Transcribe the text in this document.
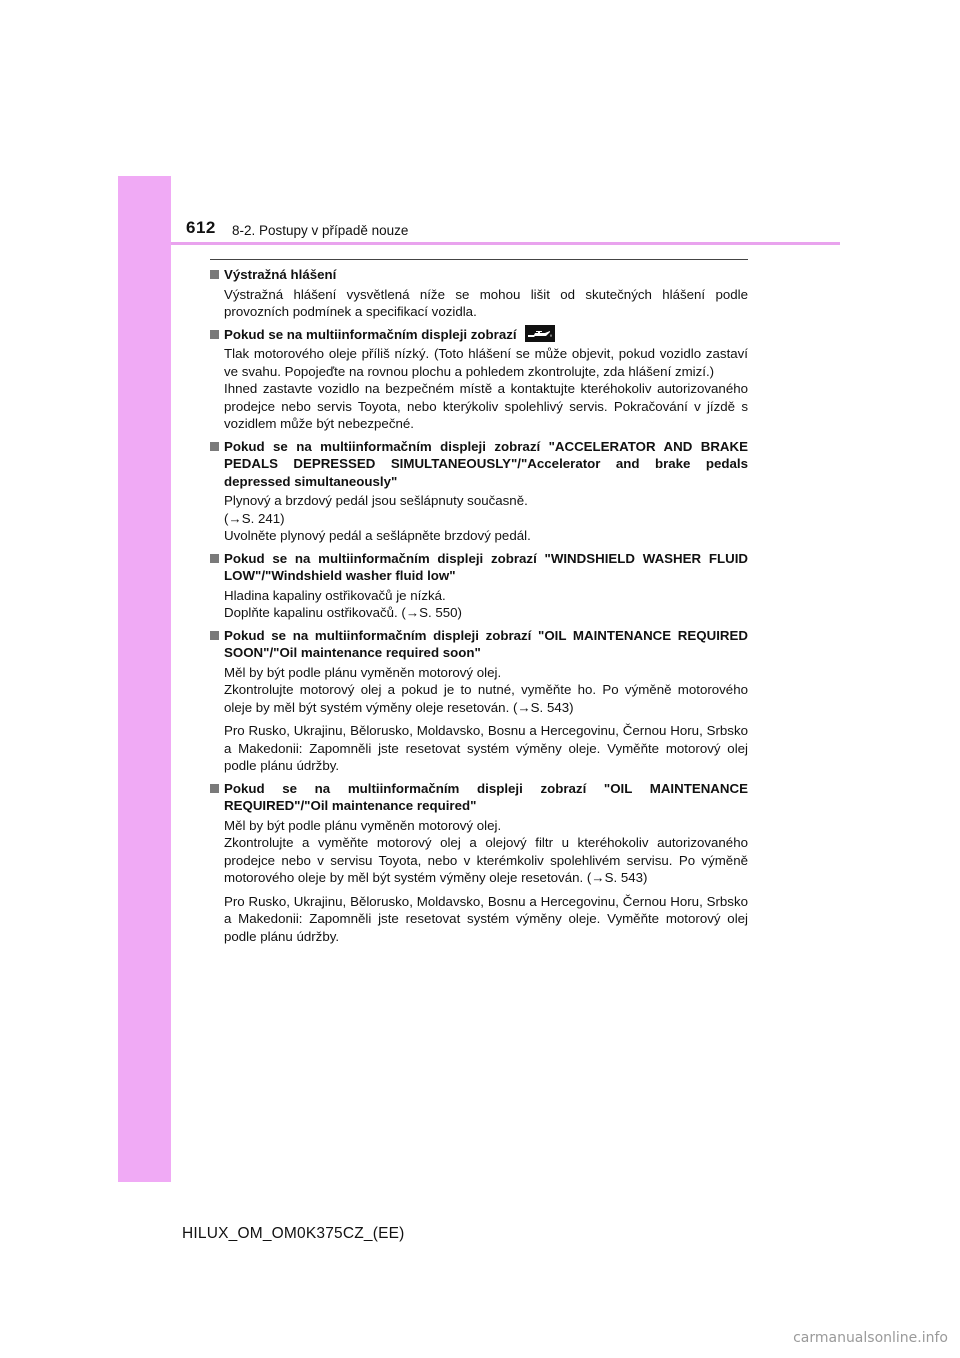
612 8-2. Postupy v případě nouze
Výstražná hlášení
Výstražná hlášení vysvětlená níže se mohou lišit od skutečných hlášení podle provozních podmínek a specifikací vozidla.
Pokud se na multiinformačním displeji zobrazí
Tlak motorového oleje příliš nízký. (Toto hlášení se může objevit, pokud vozidlo zastaví ve svahu. Popojeďte na rovnou plochu a pohledem zkontrolujte, zda hlášení zmizí.)
Ihned zastavte vozidlo na bezpečném místě a kontaktujte kteréhokoliv autorizovaného prodejce nebo servis Toyota, nebo kterýkoliv spolehlivý servis. Pokračování v jízdě s vozidlem může být nebezpečné.
Pokud se na multiinformačním displeji zobrazí "ACCELERATOR AND BRAKE PEDALS DEPRESSED SIMULTANEOUSLY"/"Accelerator and brake pedals depressed simultaneously"
Plynový a brzdový pedál jsou sešlápnuty současně.
(→S. 241)
Uvolněte plynový pedál a sešlápněte brzdový pedál.
Pokud se na multiinformačním displeji zobrazí "WINDSHIELD WASHER FLUID LOW"/"Windshield washer fluid low"
Hladina kapaliny ostřikovačů je nízká.
Doplňte kapalinu ostřikovačů. (→S. 550)
Pokud se na multiinformačním displeji zobrazí "OIL MAINTENANCE REQUIRED SOON"/"Oil maintenance required soon"
Měl by být podle plánu vyměněn motorový olej.
Zkontrolujte motorový olej a pokud je to nutné, vyměňte ho. Po výměně motorového oleje by měl být systém výměny oleje resetován. (→S. 543)
Pro Rusko, Ukrajinu, Bělorusko, Moldavsko, Bosnu a Hercegovinu, Černou Horu, Srbsko a Makedonii: Zapomněli jste resetovat systém výměny oleje. Vyměňte motorový olej podle plánu údržby.
Pokud se na multiinformačním displeji zobrazí "OIL MAINTENANCE REQUIRED"/"Oil maintenance required"
Měl by být podle plánu vyměněn motorový olej.
Zkontrolujte a vyměňte motorový olej a olejový filtr u kteréhokoliv autorizovaného prodejce nebo v servisu Toyota, nebo v kterémkoliv spolehlivém servisu. Po výměně motorového oleje by měl být systém výměny oleje resetován. (→S. 543)
Pro Rusko, Ukrajinu, Bělorusko, Moldavsko, Bosnu a Hercegovinu, Černou Horu, Srbsko a Makedonii: Zapomněli jste resetovat systém výměny oleje. Vyměňte motorový olej podle plánu údržby.
HILUX_OM_OM0K375CZ_(EE)
carmanualsonline.info
